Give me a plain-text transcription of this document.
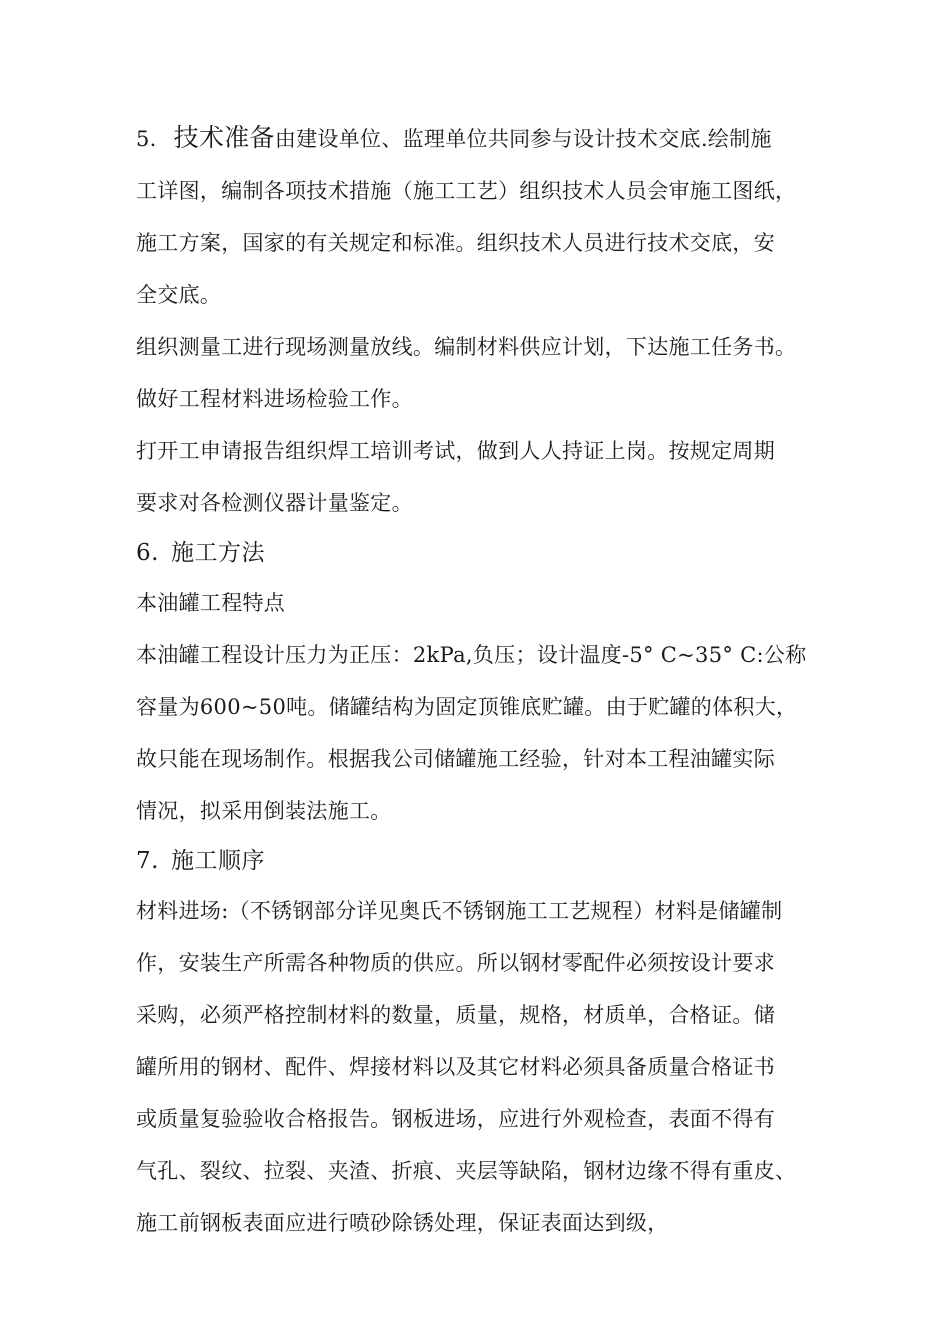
5. 技术准备由建设单位、监理单位共同参与设计技术交底.绘制施
工详图，编制各项技术措施（施工工艺）组织技术人员会审施工图纸，
施工方案，国家的有关规定和标准。组织技术人员进行技术交底，安
全交底。
组织测量工进行现场测量放线。编制材料供应计划，下达施工任务书。
做好工程材料进场检验工作。
打开工申请报告组织焊工培训考试，做到人人持证上岗。按规定周期
要求对各检测仪器计量鉴定。
6. 施工方法
本油罐工程特点
本油罐工程设计压力为正压：2kPa,负压；设计温度-5° C~35° C:公称
容量为600~50吨。储罐结构为固定顶锥底贮罐。由于贮罐的体积大，
故只能在现场制作。根据我公司储罐施工经验，针对本工程油罐实际
情况，拟采用倒装法施工。
7. 施工顺序
材料进场:（不锈钢部分详见奥氏不锈钢施工工艺规程）材料是储罐制
作，安装生产所需各种物质的供应。所以钢材零配件必须按设计要求
采购，必须严格控制材料的数量，质量，规格，材质单，合格证。储
罐所用的钢材、配件、焊接材料以及其它材料必须具备质量合格证书
或质量复验验收合格报告。钢板进场，应进行外观检查，表面不得有
气孔、裂纹、拉裂、夹渣、折痕、夹层等缺陷，钢材边缘不得有重皮、
施工前钢板表面应进行喷砂除锈处理，保证表面达到级，
